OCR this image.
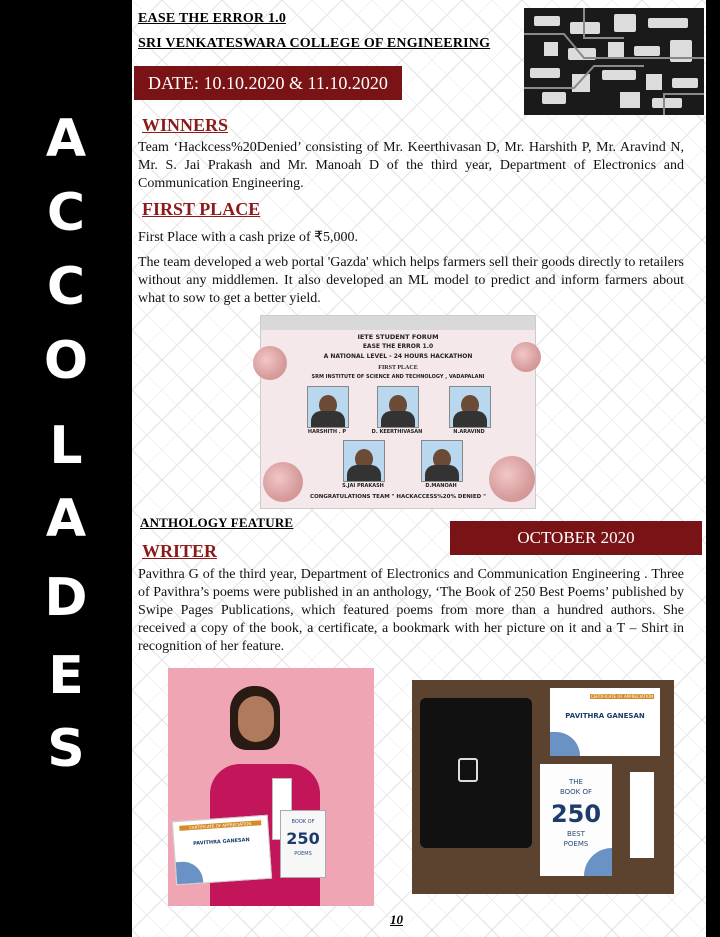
A
C
C
O
L
A
D
E
S
EASE THE ERROR 1.0
SRI VENKATESWARA COLLEGE OF ENGINEERING
DATE: 10.10.2020 & 11.10.2020
WINNERS
Team ‘Hackcess%20Denied’ consisting of Mr. Keerthivasan D, Mr. Harshith P, Mr. Aravind N, Mr. S. Jai Prakash and Mr. Manoah D of the third year, Department of Electronics and Communication Engineering.
FIRST PLACE
First Place with a cash prize of ₹5,000.
The team developed a web portal 'Gazda' which helps farmers sell their goods directly to retailers without any middlemen. It also developed an ML model to predict and inform farmers about what to sow to get a better yield.
IETE STUDENT FORUM
EASE THE ERROR 1.0
A NATIONAL LEVEL - 24 HOURS HACKATHON
FIRST PLACE
SRM INSTITUTE OF SCIENCE AND TECHNOLOGY , VADAPALANI
HARSHITH . P	D. KEERTHIVASAN	N.ARAVIND
S.JAI PRAKASH	D.MANOAH
CONGRATULATIONS TEAM " HACKACCESS%20% DENIED "
ANTHOLOGY FEATURE
OCTOBER 2020
WRITER
Pavithra G of the third year, Department of Electronics and Communication Engineering . Three of Pavithra’s poems were published in an anthology, ‘The Book of 250 Best Poems’ published by Swipe Pages Publications, which featured poems from more than a hundred authors. She received a copy of the book, a certificate, a bookmark with her picture on it and a T – Shirt in recognition of her feature.
CERTIFICATE OF APPRECIATION
PAVITHRA GANESAN
BOOK OF
250
POEMS
CERTIFICATE OF APPRECIATION
PAVITHRA GANESAN
THE
BOOK OF
250
BEST
POEMS
10
